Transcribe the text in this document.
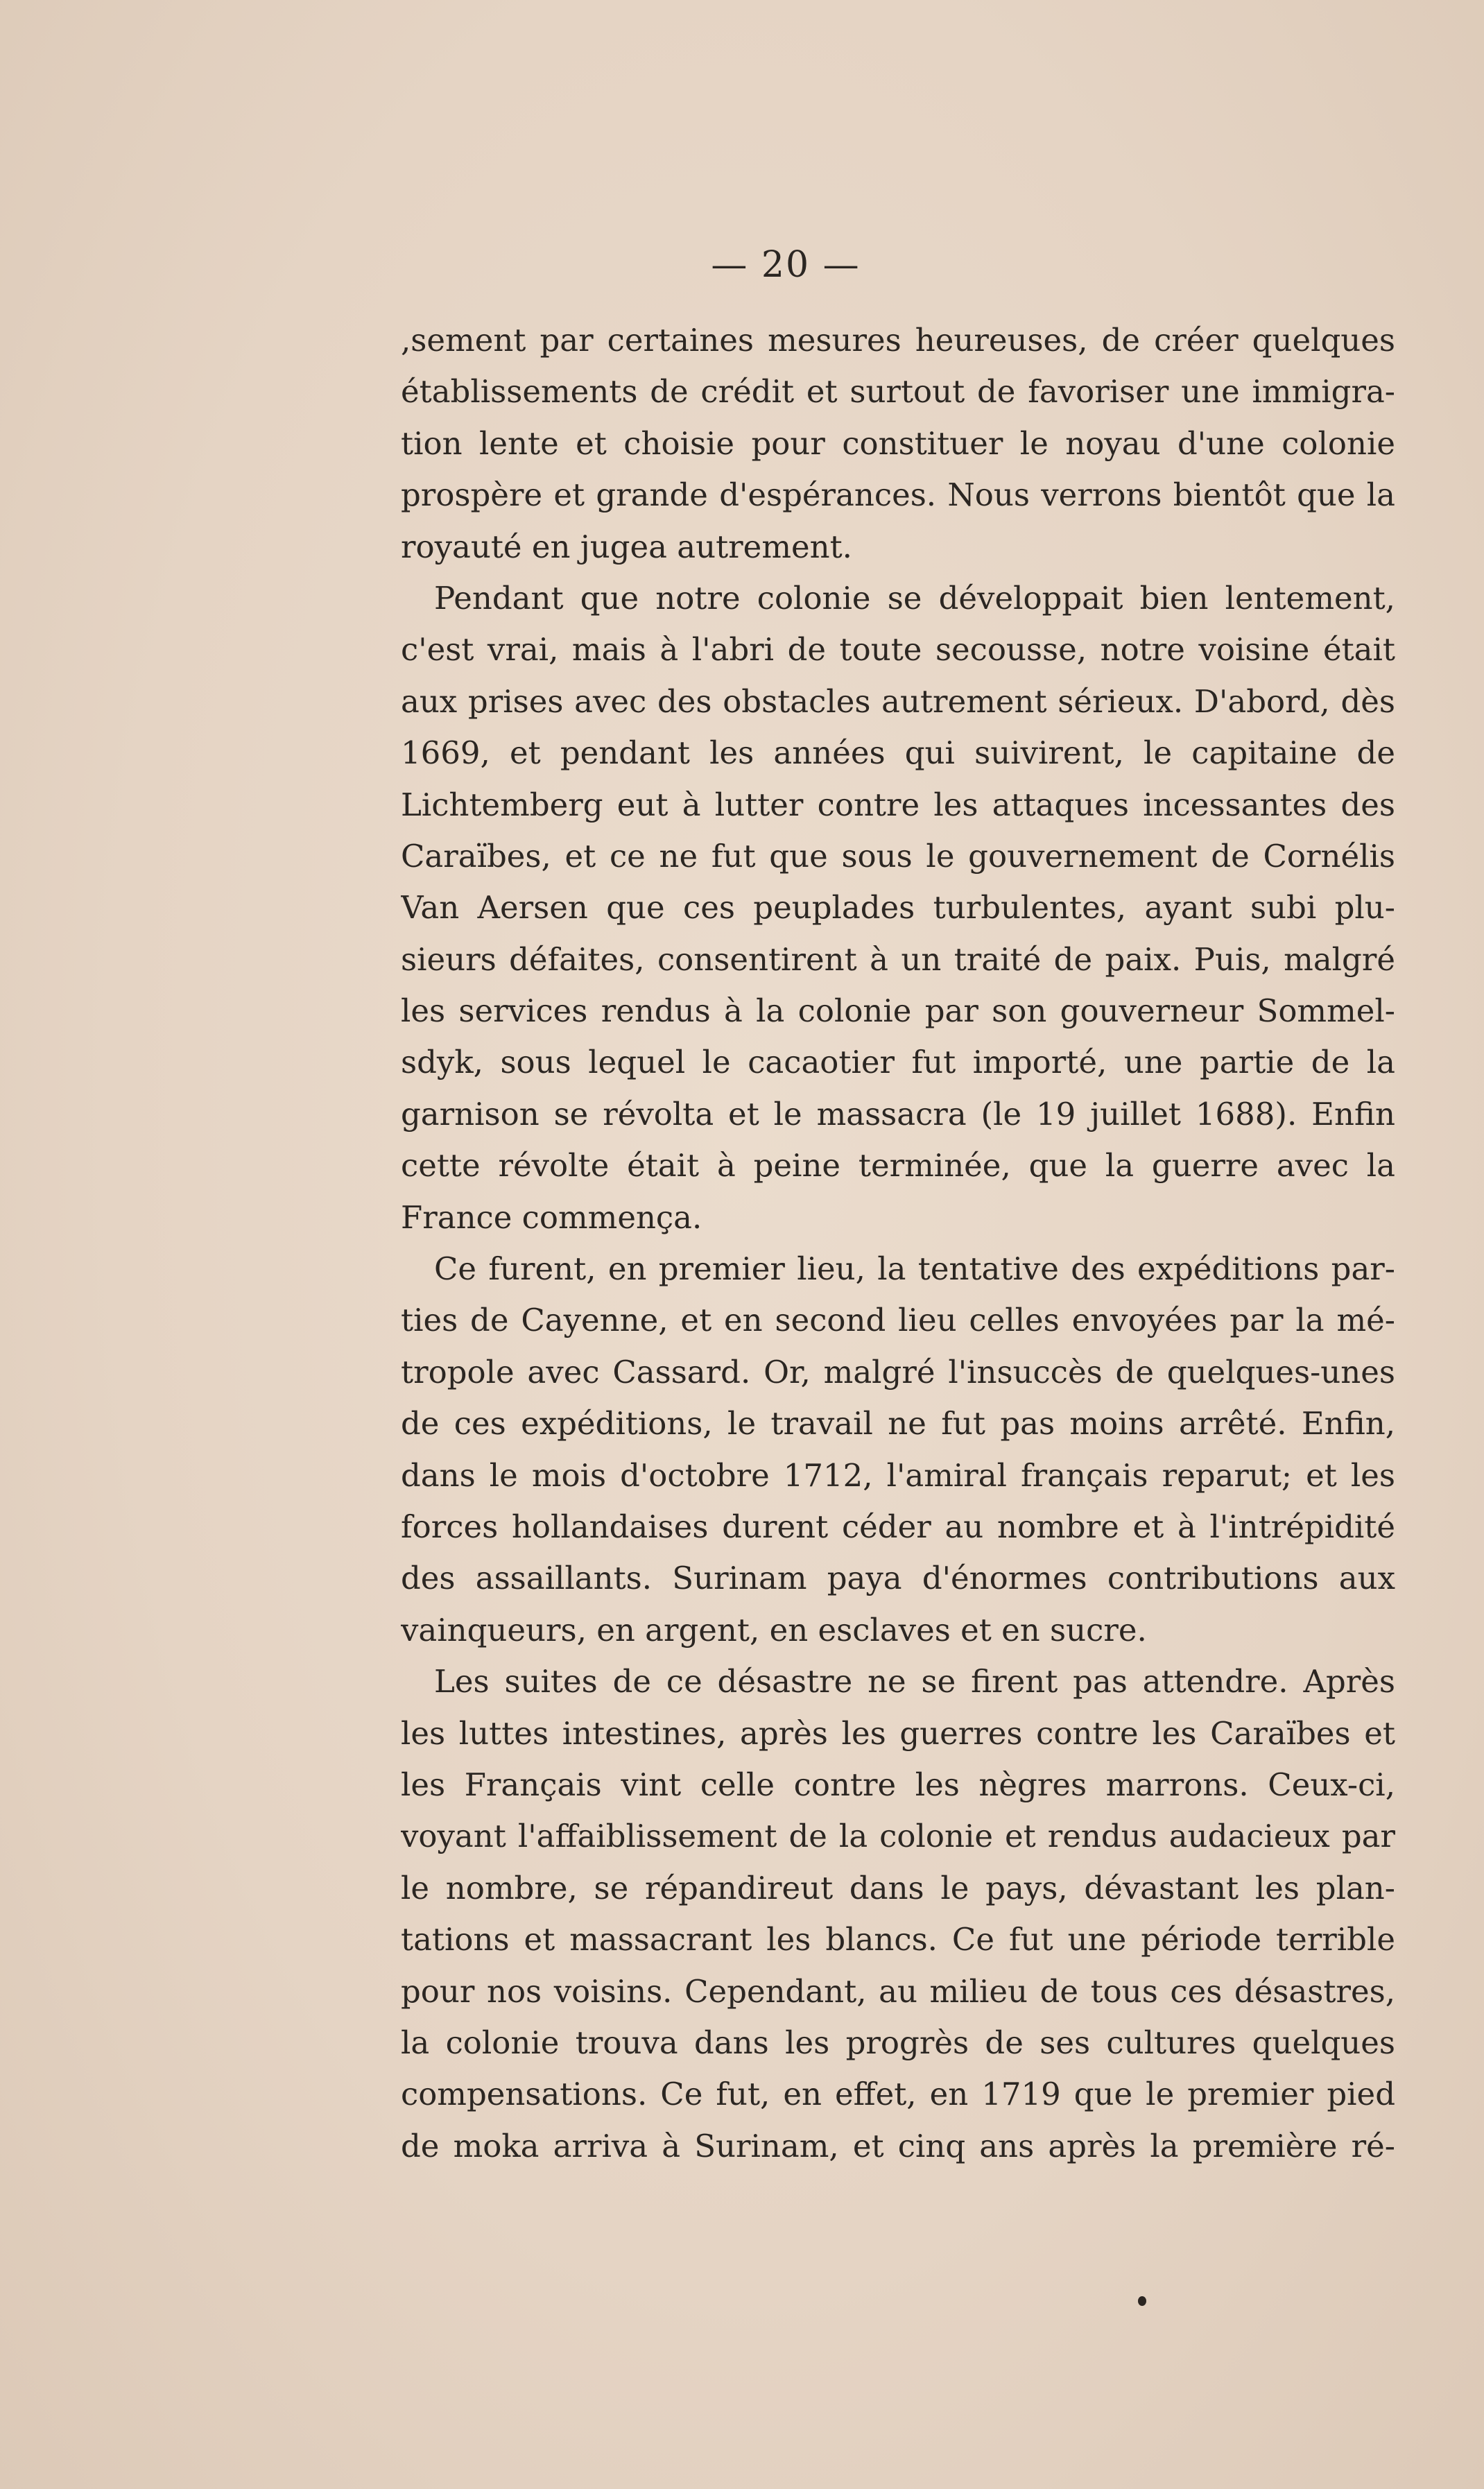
— 20 —
,sement par certaines mesures heureuses, de créer quelques
établissements de crédit et surtout de favoriser une immigra-
tion lente et choisie pour constituer le noyau d'une colonie
prospère et grande d'espérances. Nous verrons bientôt que la
royauté en jugea autrement.
Pendant que notre colonie se développait bien lentement,
c'est vrai, mais à l'abri de toute secousse, notre voisine était
aux prises avec des obstacles autrement sérieux. D'abord, dès
1669, et pendant les années qui suivirent, le capitaine de
Lichtemberg eut à lutter contre les attaques incessantes des
Caraïbes, et ce ne fut que sous le gouvernement de Cornélis
Van Aersen que ces peuplades turbulentes, ayant subi plu-
sieurs défaites, consentirent à un traité de paix. Puis, malgré
les services rendus à la colonie par son gouverneur Sommel-
sdyk, sous lequel le cacaotier fut importé, une partie de la
garnison se révolta et le massacra (le 19 juillet 1688). Enfin
cette révolte était à peine terminée, que la guerre avec la
France commença.
Ce furent, en premier lieu, la tentative des expéditions par-
ties de Cayenne, et en second lieu celles envoyées par la mé-
tropole avec Cassard. Or, malgré l'insuccès de quelques-unes
de ces expéditions, le travail ne fut pas moins arrêté. Enfin,
dans le mois d'octobre 1712, l'amiral français reparut; et les
forces hollandaises durent céder au nombre et à l'intrépidité
des assaillants. Surinam paya d'énormes contributions aux
vainqueurs, en argent, en esclaves et en sucre.
Les suites de ce désastre ne se firent pas attendre. Après
les luttes intestines, après les guerres contre les Caraïbes et
les Français vint celle contre les nègres marrons. Ceux-ci,
voyant l'affaiblissement de la colonie et rendus audacieux par
le nombre, se répandireut dans le pays, dévastant les plan-
tations et massacrant les blancs. Ce fut une période terrible
pour nos voisins. Cependant, au milieu de tous ces désastres,
la colonie trouva dans les progrès de ses cultures quelques
compensations. Ce fut, en effet, en 1719 que le premier pied
de moka arriva à Surinam, et cinq ans après la première ré-
